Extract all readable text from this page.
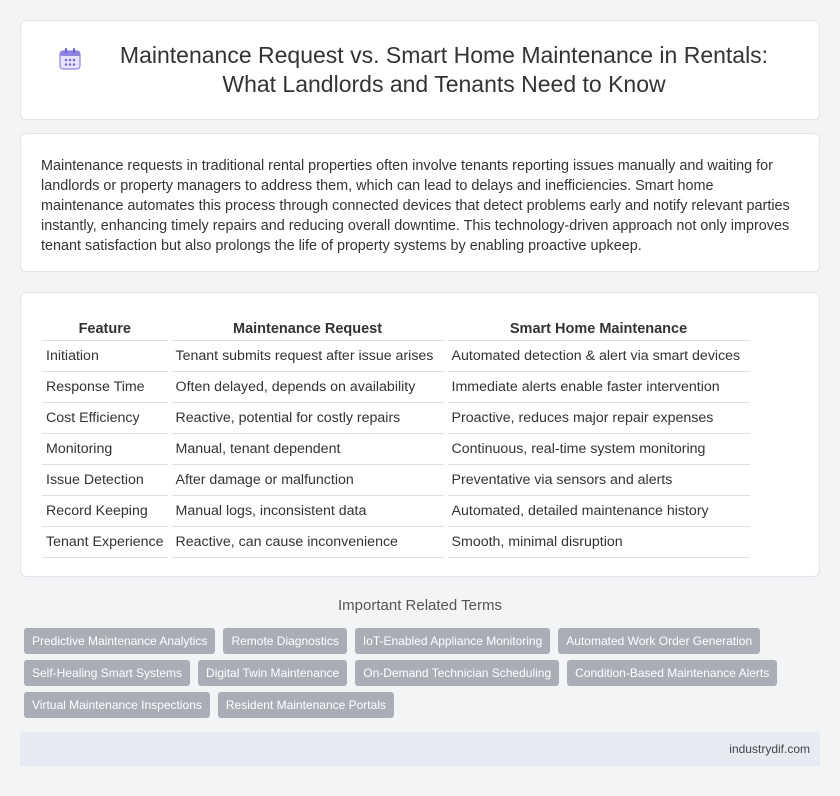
Maintenance Request vs. Smart Home Maintenance in Rentals: What Landlords and Tenants Need to Know

Maintenance requests in traditional rental properties often involve tenants reporting issues manually and waiting for landlords or property managers to address them, which can lead to delays and inefficiencies. Smart home maintenance automates this process through connected devices that detect problems early and notify relevant parties instantly, enhancing timely repairs and reducing overall downtime. This technology-driven approach not only improves tenant satisfaction but also prolongs the life of property systems by enabling proactive upkeep.

Feature	Maintenance Request	Smart Home Maintenance
Initiation	Tenant submits request after issue arises	Automated detection & alert via smart devices
Response Time	Often delayed, depends on availability	Immediate alerts enable faster intervention
Cost Efficiency	Reactive, potential for costly repairs	Proactive, reduces major repair expenses
Monitoring	Manual, tenant dependent	Continuous, real-time system monitoring
Issue Detection	After damage or malfunction	Preventative via sensors and alerts
Record Keeping	Manual logs, inconsistent data	Automated, detailed maintenance history
Tenant Experience	Reactive, can cause inconvenience	Smooth, minimal disruption
Important Related Terms
Predictive Maintenance Analytics	Remote Diagnostics	IoT-Enabled Appliance Monitoring	Automated Work Order Generation
Self-Healing Smart Systems	Digital Twin Maintenance	On-Demand Technician Scheduling	Condition-Based Maintenance Alerts
Virtual Maintenance Inspections	Resident Maintenance Portals
industrydif.com
